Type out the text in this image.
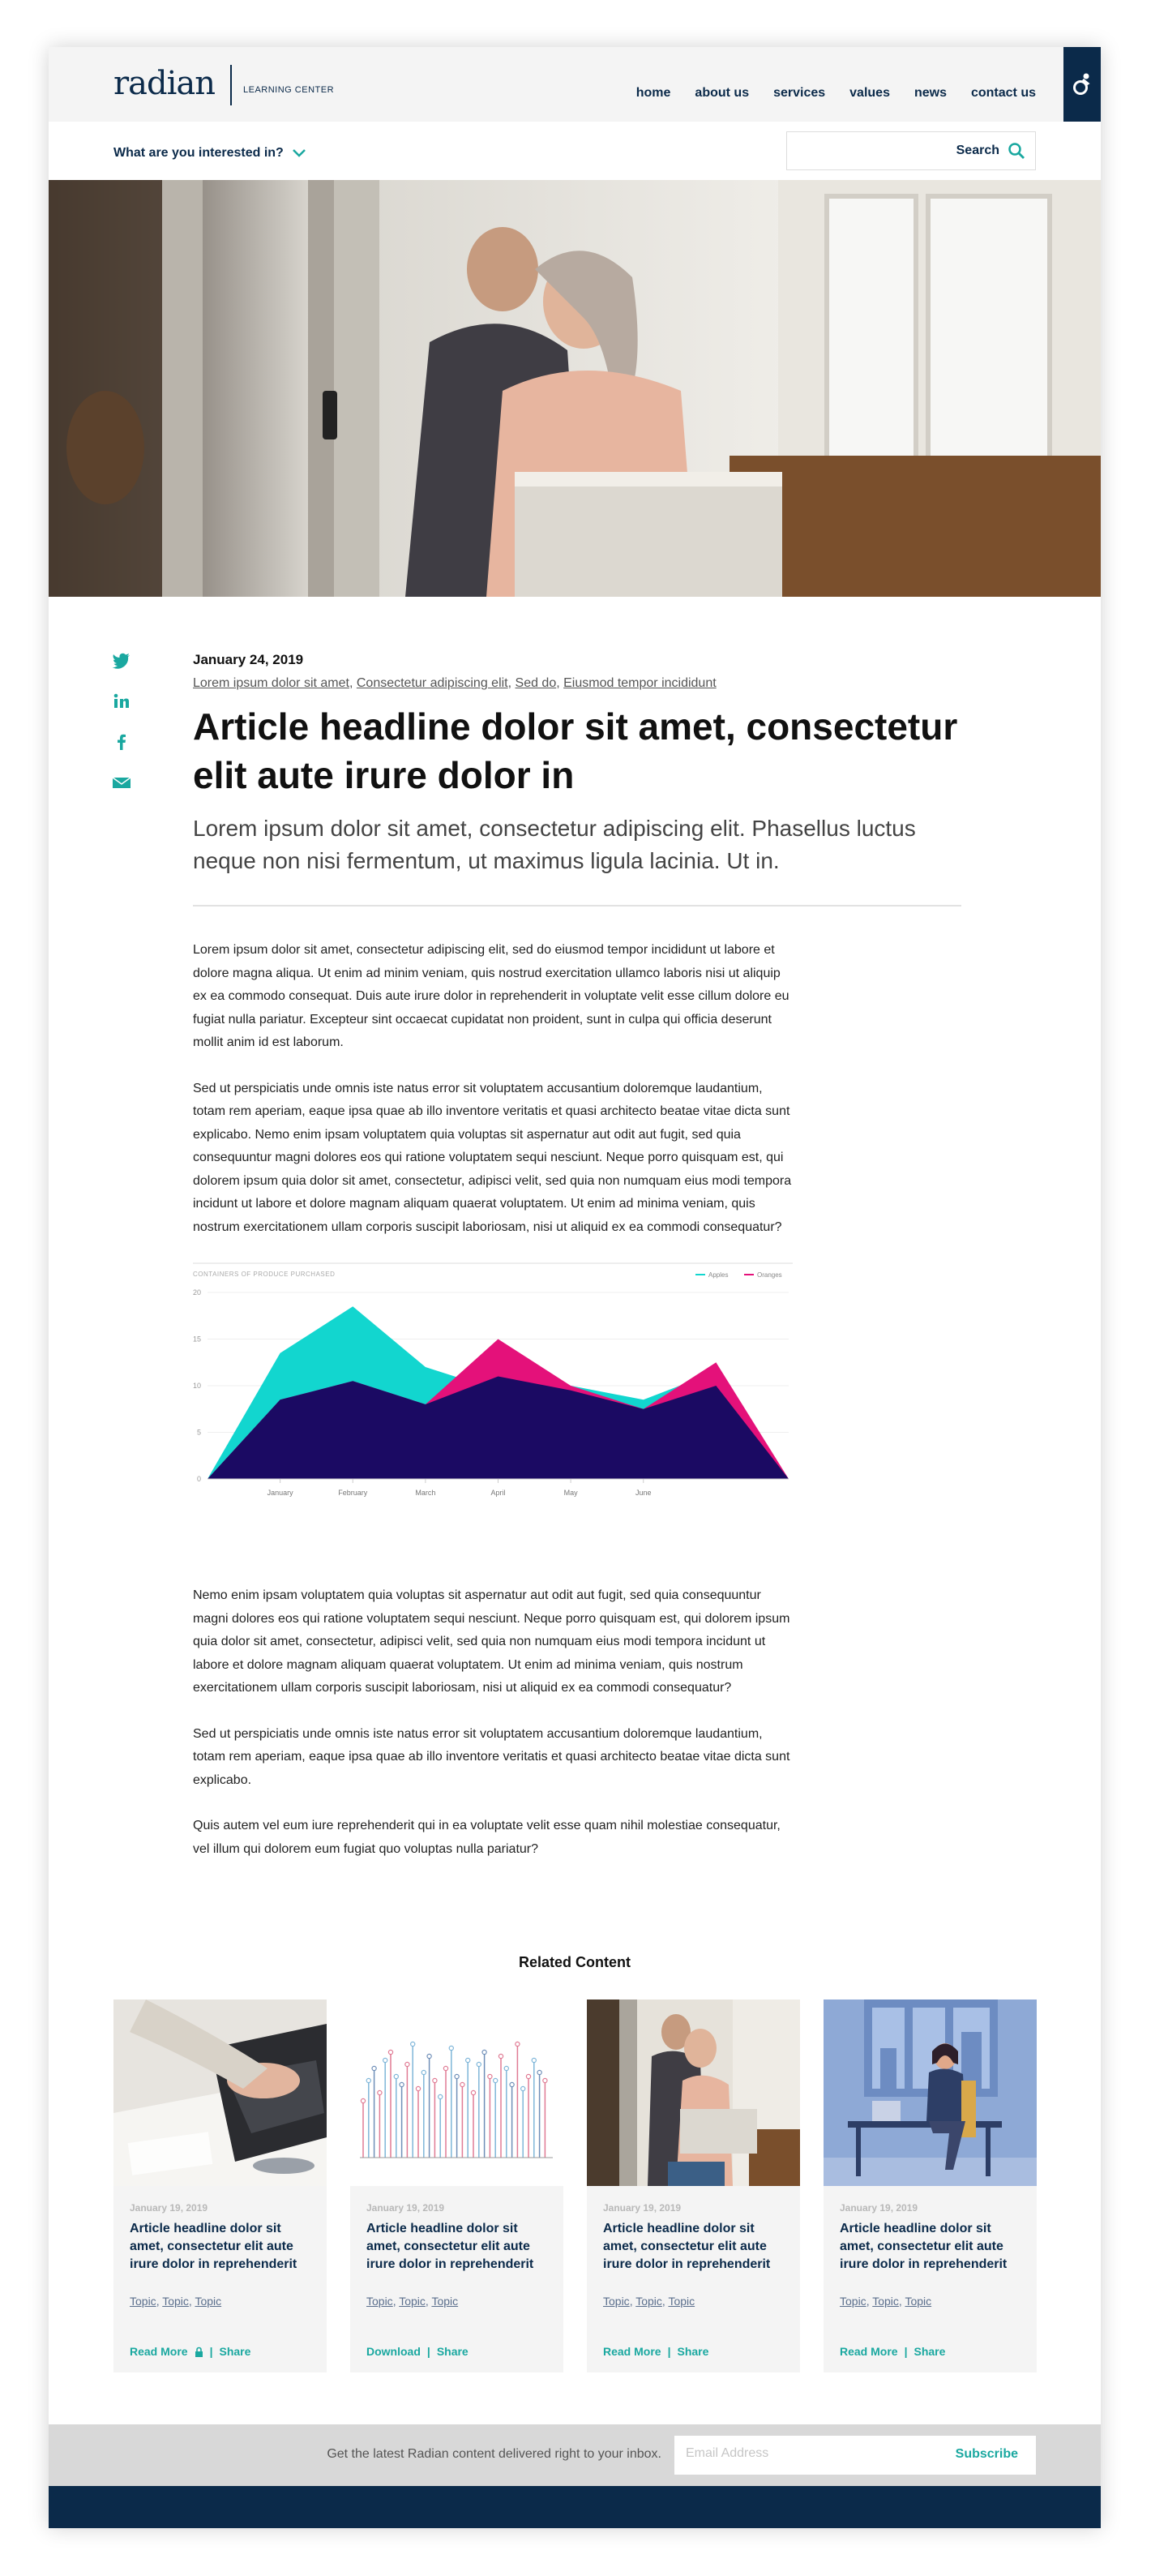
radian	LEARNING CENTER	home about us services values news contact us
What are you interested in?	Search
January 24, 2019
Lorem ipsum dolor sit amet, Consectetur adipiscing elit, Sed do, Eiusmod tempor incididunt
Article headline dolor sit amet, consectetur elit aute irure dolor in
Lorem ipsum dolor sit amet, consectetur adipiscing elit. Phasellus luctus neque non nisi fermentum, ut maximus ligula lacinia. Ut in.

Lorem ipsum dolor sit amet, consectetur adipiscing elit, sed do eiusmod tempor incididunt ut labore et dolore magna aliqua. Ut enim ad minim veniam, quis nostrud exercitation ullamco laboris nisi ut aliquip ex ea commodo consequat. Duis aute irure dolor in reprehenderit in voluptate velit esse cillum dolore eu fugiat nulla pariatur. Excepteur sint occaecat cupidatat non proident, sunt in culpa qui officia deserunt mollit anim id est laborum.

Sed ut perspiciatis unde omnis iste natus error sit voluptatem accusantium doloremque laudantium, totam rem aperiam, eaque ipsa quae ab illo inventore veritatis et quasi architecto beatae vitae dicta sunt explicabo. Nemo enim ipsam voluptatem quia voluptas sit aspernatur aut odit aut fugit, sed quia consequuntur magni dolores eos qui ratione voluptatem sequi nesciunt. Neque porro quisquam est, qui dolorem ipsum quia dolor sit amet, consectetur, adipisci velit, sed quia non numquam eius modi tempora incidunt ut labore et dolore magnam aliquam quaerat voluptatem. Ut enim ad minima veniam, quis nostrum exercitationem ullam corporis suscipit laboriosam, nisi ut aliquid ex ea commodi consequatur?

0
5
10
15
20
CONTAINERS OF PRODUCE PURCHASED
January	February	March	April	May	June
Apples	Oranges

Nemo enim ipsam voluptatem quia voluptas sit aspernatur aut odit aut fugit, sed quia consequuntur magni dolores eos qui ratione voluptatem sequi nesciunt. Neque porro quisquam est, qui dolorem ipsum quia dolor sit amet, consectetur, adipisci velit, sed quia non numquam eius modi tempora incidunt ut labore et dolore magnam aliquam quaerat voluptatem. Ut enim ad minima veniam, quis nostrum exercitationem ullam corporis suscipit laboriosam, nisi ut aliquid ex ea commodi consequatur?

Sed ut perspiciatis unde omnis iste natus error sit voluptatem accusantium doloremque laudantium, totam rem aperiam, eaque ipsa quae ab illo inventore veritatis et quasi architecto beatae vitae dicta sunt explicabo.

Quis autem vel eum iure reprehenderit qui in ea voluptate velit esse quam nihil molestiae consequatur, vel illum qui dolorem eum fugiat quo voluptas nulla pariatur?

Related Content
January 19, 2019
Article headline dolor sit amet, consectetur elit aute irure dolor in reprehenderit
Topic, Topic, Topic
Read More | Share
January 19, 2019
Article headline dolor sit amet, consectetur elit aute irure dolor in reprehenderit
Topic, Topic, Topic
Download | Share
January 19, 2019
Article headline dolor sit amet, consectetur elit aute irure dolor in reprehenderit
Topic, Topic, Topic
Read More | Share
January 19, 2019
Article headline dolor sit amet, consectetur elit aute irure dolor in reprehenderit
Topic, Topic, Topic
Read More | Share
Get the latest Radian content delivered right to your inbox.
Email Address	Subscribe
